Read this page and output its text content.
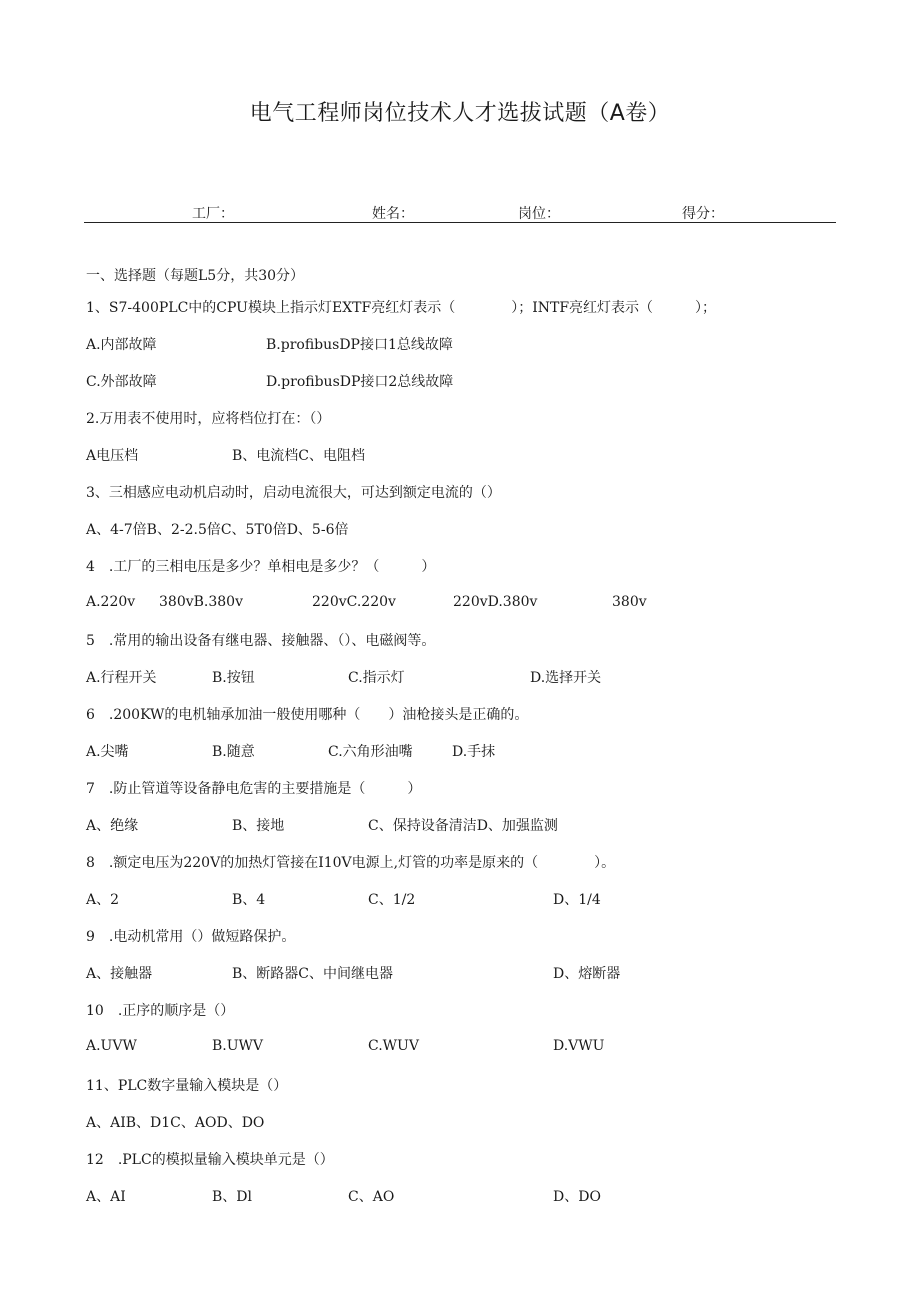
电气工程师岗位技术人才选拔试题（A卷）
工厂：	姓名：	岗位：	得分：
一、选择题（每题L5分，共30分）
1、S7-400PLC中的CPU模块上指示灯EXTF亮红灯表示（　　　　）；INTF亮红灯表示（　　　）；
A.内部故障	B.profibusDP接口1总线故障
C.外部故障	D.profibusDP接口2总线故障
2.万用表不使用时，应将档位打在：（）
A电压档	B、电流档C、电阻档
3、三相感应电动机启动时，启动电流很大，可达到额定电流的（）
A、4-7倍B、2-2.5倍C、5T0倍D、5-6倍
4　.工厂的三相电压是多少？单相电是多少？（　　　）
A.220v 380vB.380v	220vC.220v	220vD.380v	380v
5　.常用的输出设备有继电器、接触器、（）、电磁阀等。
A.行程开关	B.按钮	C.指示灯	D.选择开关
6　.200KW的电机轴承加油一般使用哪种（　　）油枪接头是正确的。
A.尖嘴	B.随意	C.六角形油嘴	D.手抹
7　.防止管道等设备静电危害的主要措施是（　　　）
A、绝缘	B、接地	C、保持设备清洁D、加强监测
8　.额定电压为220V的加热灯管接在I10V电源上,灯管的功率是原来的（　　　　）。
A、2	B、4	C、1/2	D、1/4
9　.电动机常用（）做短路保护。
A、接触器	B、断路器C、中间继电器	D、熔断器
10　.正序的顺序是（）
A.UVW	B.UWV	C.WUV	D.VWU
11、PLC数字量输入模块是（）
A、AIB、D1C、AOD、DO
12　.PLC的模拟量输入模块单元是（）
A、AI	B、Dl	C、AO	D、DO
